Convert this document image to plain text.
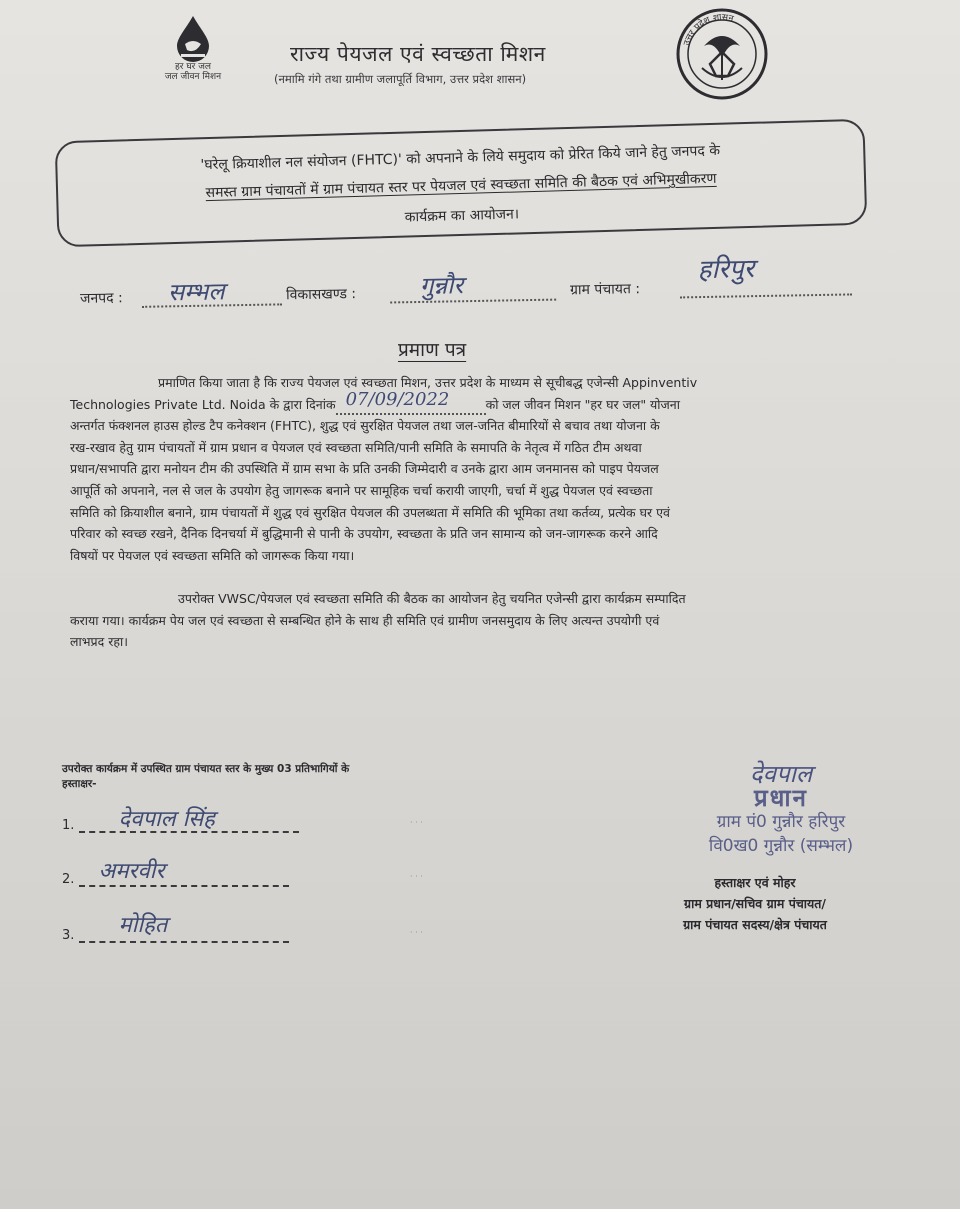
हर घर जल
जल जीवन मिशन
राज्य पेयजल एवं स्वच्छता मिशन
(नमामि गंगे तथा ग्रामीण जलापूर्ति विभाग, उत्तर प्रदेश शासन)
उत्तर प्रदेश शासन
'घरेलू क्रियाशील नल संयोजन (FHTC)' को अपनाने के लिये समुदाय को प्रेरित किये जाने हेतु जनपद के
समस्त ग्राम पंचायतों में ग्राम पंचायत स्तर पर पेयजल एवं स्वच्छता समिति की बैठक एवं अभिमुखीकरण
कार्यक्रम का आयोजन।
जनपद : सम्भल	विकासखण्ड :	गुन्नौर	ग्राम पंचायत :
हरिपुर
प्रमाण पत्र
प्रमाणित किया जाता है कि राज्य पेयजल एवं स्वच्छता मिशन, उत्तर प्रदेश के माध्यम से सूचीबद्ध एजेन्सी Appinventiv
Technologies Private Ltd. Noida के द्वारा दिनांक 07/09/2022	को जल जीवन मिशन "हर घर जल" योजना
अन्तर्गत फंक्शनल हाउस होल्ड टैप कनेक्शन (FHTC), शुद्ध एवं सुरक्षित पेयजल तथा जल-जनित बीमारियों से बचाव तथा योजना के
रख-रखाव हेतु ग्राम पंचायतों में ग्राम प्रधान व पेयजल एवं स्वच्छता समिति/पानी समिति के समापति के नेतृत्व में गठित टीम अथवा
प्रधान/सभापति द्वारा मनोयन टीम की उपस्थिति में ग्राम सभा के प्रति उनकी जिम्मेदारी व उनके द्वारा आम जनमानस को पाइप पेयजल
आपूर्ति को अपनाने, नल से जल के उपयोग हेतु जागरूक बनाने पर सामूहिक चर्चा करायी जाएगी, चर्चा में शुद्ध पेयजल एवं स्वच्छता
समिति को क्रियाशील बनाने, ग्राम पंचायतों में शुद्ध एवं सुरक्षित पेयजल की उपलब्धता में समिति की भूमिका तथा कर्तव्य, प्रत्येक घर एवं
परिवार को स्वच्छ रखने, दैनिक दिनचर्या में बुद्धिमानी से पानी के उपयोग, स्वच्छता के प्रति जन सामान्य को जन-जागरूक करने आदि
विषयों पर पेयजल एवं स्वच्छता समिति को जागरूक किया गया।
उपरोक्त VWSC/पेयजल एवं स्वच्छता समिति की बैठक का आयोजन हेतु चयनित एजेन्सी द्वारा कार्यक्रम सम्पादित
कराया गया। कार्यक्रम पेय जल एवं स्वच्छता से सम्बन्धित होने के साथ ही समिति एवं ग्रामीण जनसमुदाय के लिए अत्यन्त उपयोगी एवं
लाभप्रद रहा।
उपरोक्त कार्यक्रम में उपस्थित ग्राम पंचायत स्तर के मुख्य 03 प्रतिभागियों के
हस्ताक्षर-
1. देवपाल सिंह
2. अमरवीर
3. मोहित
· · ·
· · ·
· · ·
देवपाल
प्रधान
ग्राम पं0 गुन्नौर हरिपुर
वि0ख0 गुन्नौर (सम्भल)
हस्ताक्षर एवं मोहर
ग्राम प्रधान/सचिव ग्राम पंचायत/
ग्राम पंचायत सदस्य/क्षेत्र पंचायत
